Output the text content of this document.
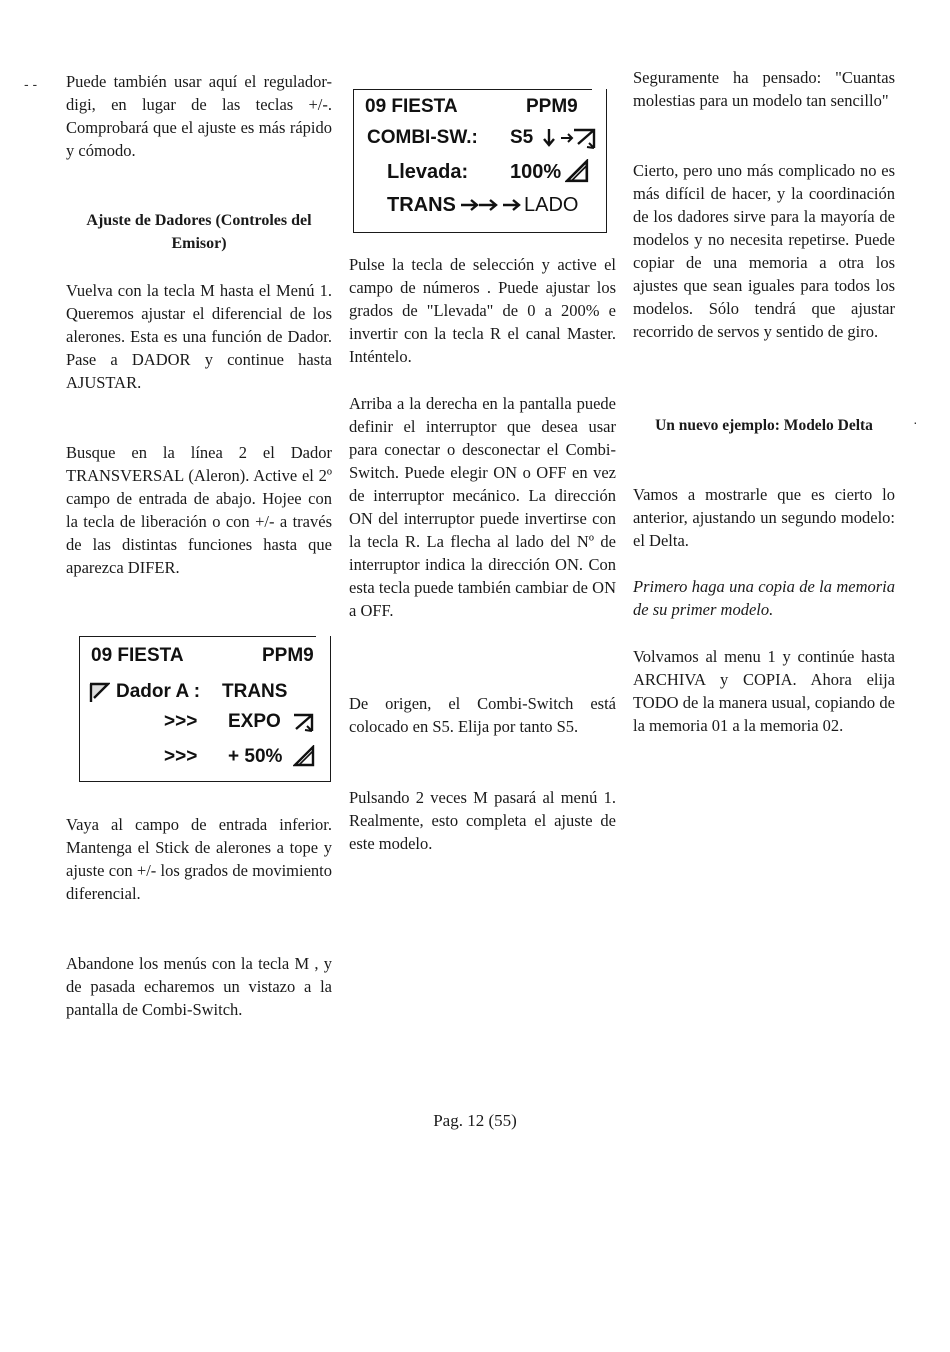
- -
·

Puede también usar aquí el regulador-digi, en lugar de las teclas +/-. Comprobará que el ajuste es más rápido y cómodo.

Ajuste de Dadores (Controles del Emisor)

Vuelva con la tecla M hasta el Menú 1. Queremos ajustar el diferencial de los alerones. Esta es una función de Dador. Pase a DADOR y continue hasta AJUSTAR.

Busque en la línea 2 el Dador TRANSVERSAL (Aleron). Active el 2º campo de entrada de abajo. Hojee con la tecla de liberación o con +/- a través de las distintas funciones hasta que aparezca DIFER.

Vaya al campo de entrada inferior. Mantenga el Stick de alerones a tope y ajuste con +/- los grados de movimiento diferencial.

Abandone los menús con la tecla M , y de pasada echaremos un vistazo a la pantalla de Combi-Switch.

09 FIESTA	PPM9
Dador A : TRANS
>>> EXPO
>>> + 50%

Pulse la tecla de selección y active el campo de números . Puede ajustar los grados de "Llevada" de 0 a 200% e invertir con la tecla R el canal Master. Inténtelo.

Arriba a la derecha en la pantalla puede definir el interruptor que desea usar para conectar o desconectar el Combi-Switch. Puede elegir ON o OFF en vez de interruptor mecánico. La dirección ON del interruptor puede invertirse con la tecla R. La flecha al lado del Nº de interruptor indica la dirección ON. Con esta tecla puede también cambiar de ON a OFF.

De origen, el Combi-Switch está colocado en S5. Elija por tanto S5.

Pulsando 2 veces M pasará al menú 1. Realmente, esto completa el ajuste de este modelo.

09 FIESTA	PPM9
COMBI-SW.: S5
Llevada: 100%
TRANS	LADO

Seguramente ha pensado: "Cuantas molestias para un modelo tan sencillo"

Cierto, pero uno más complicado no es más difícil de hacer, y la coordinación de los dadores sirve para la mayoría de modelos y no necesita repetirse. Puede copiar de una memoria a otra los ajustes que sean iguales para todos los modelos. Sólo tendrá que ajustar recorrido de servos y sentido de giro.

Un nuevo ejemplo: Modelo Delta

Vamos a mostrarle que es cierto lo anterior, ajustando un segundo modelo: el Delta.

Primero haga una copia de la memoria de su primer modelo.

Volvamos al menu 1 y continúe hasta ARCHIVA y COPIA. Ahora elija TODO de la manera usual, copiando de la memoria 01 a la memoria 02.

Pag. 12 (55)
